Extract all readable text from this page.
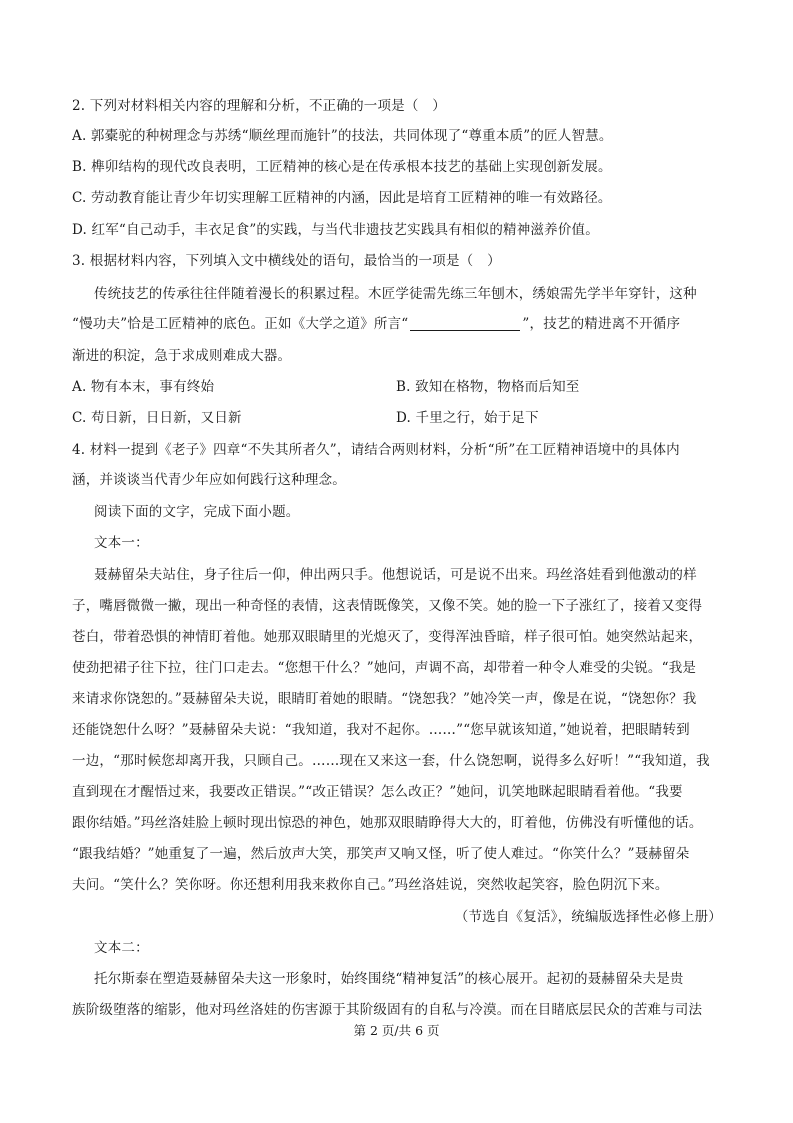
2. 下列对材料相关内容的理解和分析，不正确的一项是（　）
A. 郭橐驼的种树理念与苏绣“顺丝理而施针”的技法，共同体现了“尊重本质”的匠人智慧。
B. 榫卯结构的现代改良表明，工匠精神的核心是在传承根本技艺的基础上实现创新发展。
C. 劳动教育能让青少年切实理解工匠精神的内涵，因此是培育工匠精神的唯一有效路径。
D. 红军“自己动手，丰衣足食”的实践，与当代非遗技艺实践具有相似的精神滋养价值。
3. 根据材料内容，下列填入文中横线处的语句，最恰当的一项是（　）
传统技艺的传承往往伴随着漫长的积累过程。木匠学徒需先练三年刨木，绣娘需先学半年穿针，这种
“慢功夫”恰是工匠精神的底色。正如《大学之道》所言“	”，技艺的精进离不开循序
渐进的积淀，急于求成则难成大器。
A. 物有本末，事有终始	B. 致知在格物，物格而后知至
C. 苟日新，日日新，又日新	D. 千里之行，始于足下
4. 材料一提到《老子》四章“不失其所者久”，请结合两则材料，分析“所”在工匠精神语境中的具体内
涵，并谈谈当代青少年应如何践行这种理念。
阅读下面的文字，完成下面小题。
文本一：
聂赫留朵夫站住，身子往后一仰，伸出两只手。他想说话，可是说不出来。玛丝洛娃看到他激动的样
子，嘴唇微微一撇，现出一种奇怪的表情，这表情既像笑，又像不笑。她的脸一下子涨红了，接着又变得
苍白，带着恐惧的神情盯着他。她那双眼睛里的光熄灭了，变得浑浊昏暗，样子很可怕。她突然站起来，
使劲把裙子往下拉，往门口走去。“您想干什么？”她问，声调不高，却带着一种令人难受的尖锐。“我是
来请求你饶恕的。”聂赫留朵夫说，眼睛盯着她的眼睛。“饶恕我？”她冷笑一声，像是在说，“饶恕你？我
还能饶恕什么呀？”聂赫留朵夫说：“我知道，我对不起你。……”“您早就该知道，”她说着，把眼睛转到
一边，“那时候您却离开我，只顾自己。……现在又来这一套，什么饶恕啊，说得多么好听！”“我知道，我
直到现在才醒悟过来，我要改正错误。”“改正错误？怎么改正？”她问，讥笑地眯起眼睛看着他。“我要
跟你结婚。”玛丝洛娃脸上顿时现出惊恐的神色，她那双眼睛睁得大大的，盯着他，仿佛没有听懂他的话。
“跟我结婚？”她重复了一遍，然后放声大笑，那笑声又响又怪，听了使人难过。“你笑什么？”聂赫留朵
夫问。“笑什么？笑你呀。你还想利用我来救你自己。”玛丝洛娃说，突然收起笑容，脸色阴沉下来。
（节选自《复活》，统编版选择性必修上册）
文本二：
托尔斯泰在塑造聂赫留朵夫这一形象时，始终围绕“精神复活”的核心展开。起初的聂赫留朵夫是贵
族阶级堕落的缩影，他对玛丝洛娃的伤害源于其阶级固有的自私与冷漠。而在目睹底层民众的苦难与司法
第 2 页/共 6 页
